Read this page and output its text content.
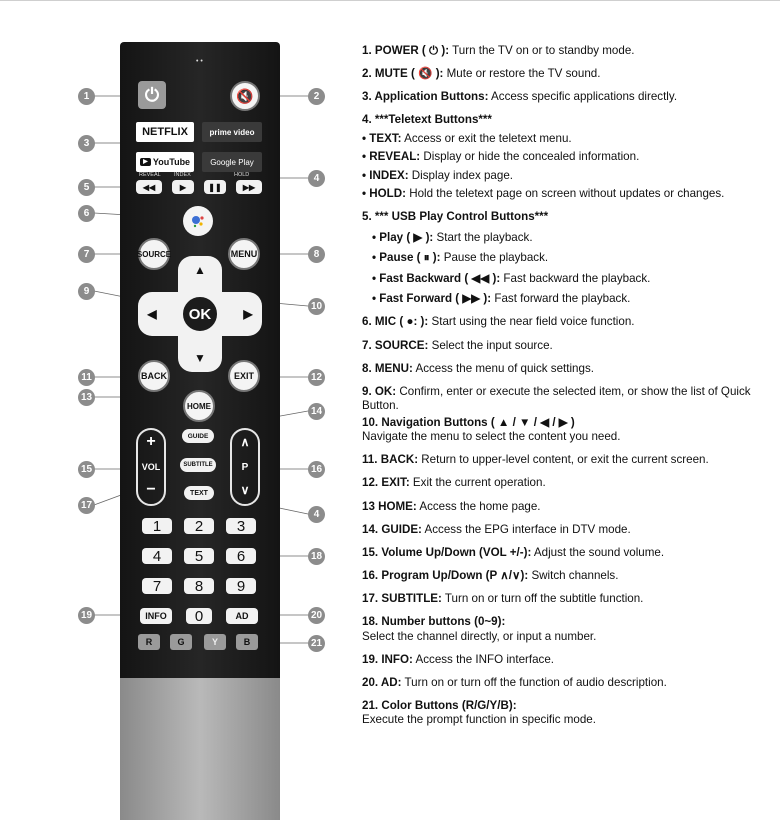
• •
⏻	🔇
NETFLIX	prime video
▶ YouTube	Google Play
REVEAL INDEX	HOLD
◀◀	▶	❚❚	▶▶
SOURCE	MENU
▲
▼
◀	▶
OK
BACK	EXIT
HOME
GUIDE
SUBTITLE
TEXT
+
VOL
−
∧
P
∨
1	2	3
4	5	6
7	8	9
INFO	0	AD
R	G	Y	B
1	2
3
4
5
6
7	8
9
10
11	12
13
14
15	16
17
4
18
19	20
21
1. POWER ( ⏻ ): Turn the TV on or to standby mode.
2. MUTE ( 🔇 ): Mute or restore the TV sound.
3. Application Buttons: Access specific applications directly.
4. ***Teletext Buttons***
• TEXT: Access or exit the teletext menu.
• REVEAL: Display or hide the concealed information.
• INDEX: Display index page.
• HOLD: Hold the teletext page on screen without updates or changes.
5. *** USB Play Control Buttons***
• Play ( ▶ ): Start the playback.
• Pause ( ⏸ ): Pause the playback.
• Fast Backward ( ◀◀ ): Fast backward the playback.
• Fast Forward ( ▶▶ ): Fast forward the playback.
6. MIC ( ●: ): Start using the near field voice function.
7. SOURCE: Select the input source.
8. MENU: Access the menu of quick settings.
9. OK: Confirm, enter or execute the selected item, or show the list of Quick Button.
10. Navigation Buttons ( ▲ / ▼ / ◀ / ▶ )
Navigate the menu to select the content you need.
11. BACK: Return to upper-level content, or exit the current screen.
12. EXIT: Exit the current operation.
13 HOME: Access the home page.
14. GUIDE: Access the EPG interface in DTV mode.
15. Volume Up/Down (VOL +/-): Adjust the sound volume.
16. Program Up/Down (P ∧/∨): Switch channels.
17. SUBTITLE: Turn on or turn off the subtitle function.
18. Number buttons (0~9):
Select the channel directly, or input a number.
19. INFO: Access the INFO interface.
20. AD: Turn on or turn off the function of audio description.
21. Color Buttons (R/G/Y/B):
Execute the prompt function in specific mode.
